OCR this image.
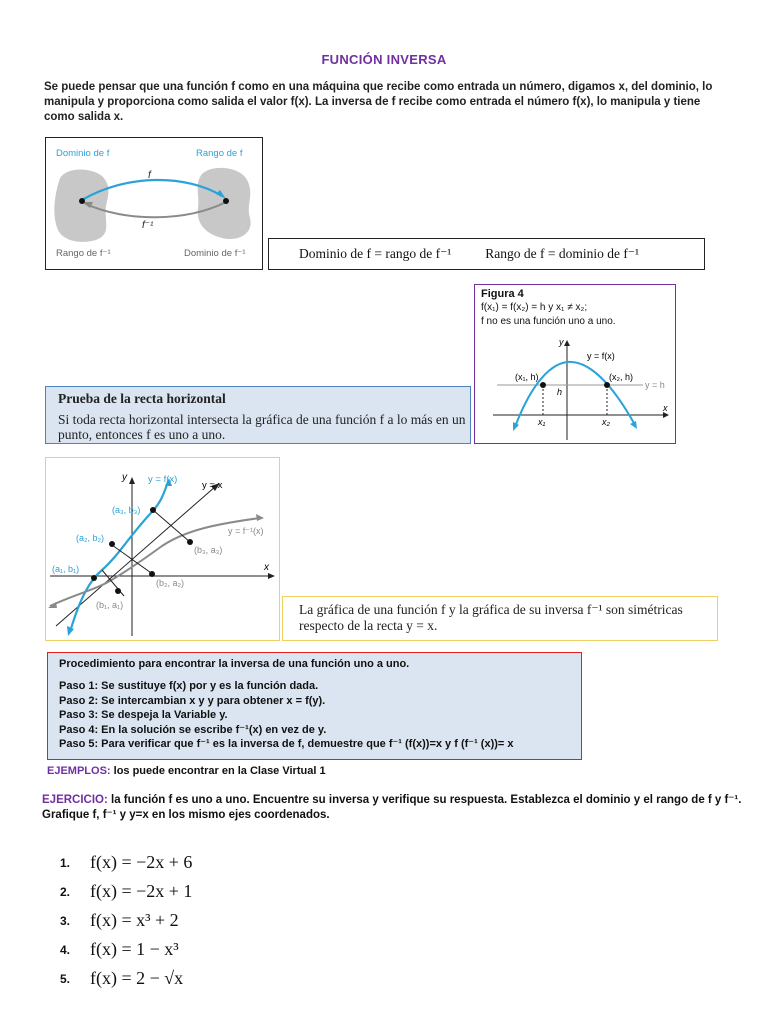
FUNCIÓN INVERSA
Se puede pensar que una función f como en una máquina que recibe como entrada un número, digamos x, del dominio, lo manipula y proporciona como salida el valor f(x). La inversa de f recibe como entrada el número f(x), lo manipula y tiene como salida x.
Dominio de f	Rango de f
f
f⁻¹
Rango de f⁻¹	Dominio de f⁻¹	Dominio de f = rango de f⁻¹	Rango de f = dominio de f⁻¹
Figura 4
f(x₁) = f(x₂) = h y x₁ ≠ x₂;
f no es una función uno a uno.
y
x
y = f(x)
(x₁, h)	(x₂, h)
h
y = h
x₁	x₂
Prueba de la recta horizontal
Si toda recta horizontal intersecta la gráfica de una función f a lo más en un punto, entonces f es uno a uno.
y
x
y = f(x)
y = x
y = f⁻¹(x)
(a₃, b₃)
(a₂, b₂)
(a₁, b₁)
(b₃, a₃)
(b₂, a₂)
(b₁, a₁)	La gráfica de una función f y la gráfica de su inversa f⁻¹ son simétricas respecto de la recta y = x.
Procedimiento para encontrar la inversa de una función uno a uno.
Paso 1: Se sustituye f(x) por y es la función dada.
Paso 2: Se intercambian x y y para obtener x = f(y).
Paso 3: Se despeja la Variable y.
Paso 4: En la solución se escribe f⁻¹(x) en vez de y.
Paso 5: Para verificar que f⁻¹ es la inversa de f, demuestre que f⁻¹ (f(x))=x y f (f⁻¹ (x))= x
EJEMPLOS: los puede encontrar en la Clase Virtual 1
EJERCICIO: la función f es uno a uno. Encuentre su inversa y verifique su respuesta. Establezca el dominio y el rango de f y f⁻¹. Grafique f, f⁻¹ y y=x en los mismo ejes coordenados.
1.	f(x) = −2x + 6
2.	f(x) = −2x + 1
3.	f(x) = x³ + 2
4.	f(x) = 1 − x³
5.	f(x) = 2 − √x
